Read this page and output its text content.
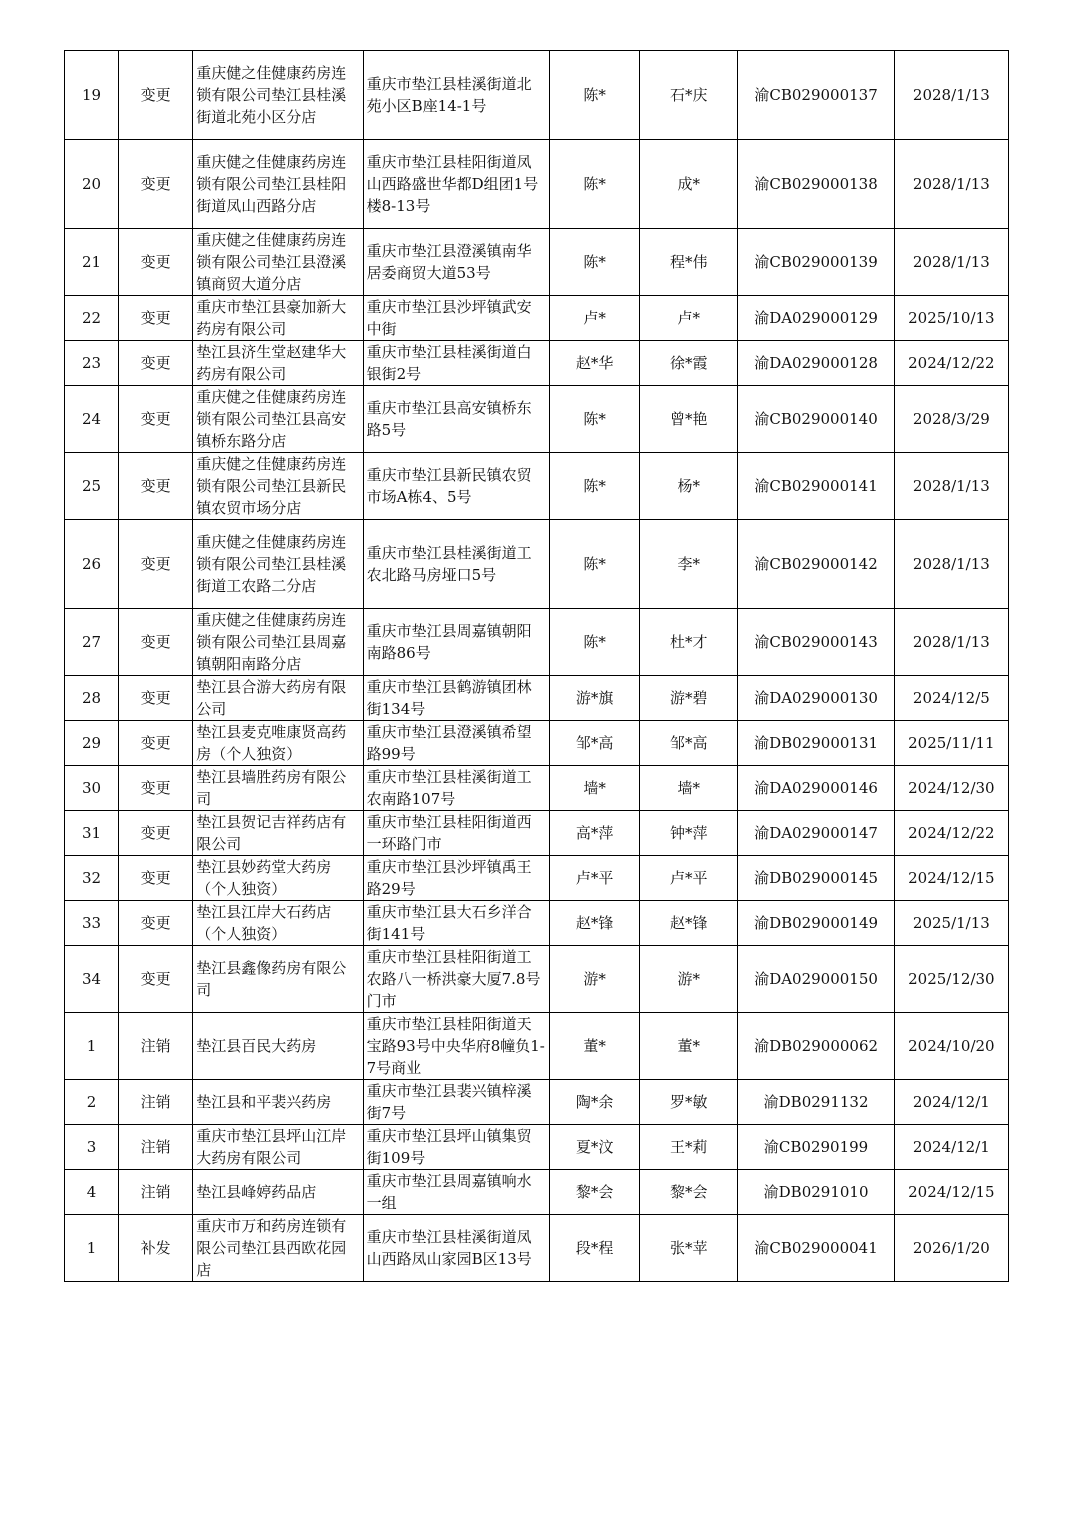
19	变更	重庆健之佳健康药房连锁有限公司垫江县桂溪街道北苑小区分店	重庆市垫江县桂溪街道北苑小区B座14-1号	陈*	石*庆	渝CB029000137	2028/1/13
20	变更	重庆健之佳健康药房连锁有限公司垫江县桂阳街道凤山西路分店	重庆市垫江县桂阳街道凤山西路盛世华都D组团1号楼8-13号	陈*	成*	渝CB029000138	2028/1/13
21	变更	重庆健之佳健康药房连锁有限公司垫江县澄溪镇商贸大道分店	重庆市垫江县澄溪镇南华居委商贸大道53号	陈*	程*伟	渝CB029000139	2028/1/13
22	变更	重庆市垫江县豪加新大药房有限公司	重庆市垫江县沙坪镇武安中街	卢*	卢*	渝DA029000129	2025/10/13
23	变更	垫江县济生堂赵建华大药房有限公司	重庆市垫江县桂溪街道白银街2号	赵*华	徐*霞	渝DA029000128	2024/12/22
24	变更	重庆健之佳健康药房连锁有限公司垫江县高安镇桥东路分店	重庆市垫江县高安镇桥东路5号	陈*	曾*艳	渝CB029000140	2028/3/29
25	变更	重庆健之佳健康药房连锁有限公司垫江县新民镇农贸市场分店	重庆市垫江县新民镇农贸市场A栋4、5号	陈*	杨*	渝CB029000141	2028/1/13
26	变更	重庆健之佳健康药房连锁有限公司垫江县桂溪街道工农路二分店	重庆市垫江县桂溪街道工农北路马房垭口5号	陈*	李*	渝CB029000142	2028/1/13
27	变更	重庆健之佳健康药房连锁有限公司垫江县周嘉镇朝阳南路分店	重庆市垫江县周嘉镇朝阳南路86号	陈*	杜*才	渝CB029000143	2028/1/13
28	变更	垫江县合游大药房有限公司	重庆市垫江县鹤游镇团林街134号	游*旗	游*碧	渝DA029000130	2024/12/5
29	变更	垫江县麦克唯康贤高药房（个人独资）	重庆市垫江县澄溪镇希望路99号	邹*高	邹*高	渝DB029000131	2025/11/11
30	变更	垫江县墙胜药房有限公司	重庆市垫江县桂溪街道工农南路107号	墙*	墙*	渝DA029000146	2024/12/30
31	变更	垫江县贺记吉祥药店有限公司	重庆市垫江县桂阳街道西一环路门市	高*萍	钟*萍	渝DA029000147	2024/12/22
32	变更	垫江县妙药堂大药房（个人独资）	重庆市垫江县沙坪镇禹王路29号	卢*平	卢*平	渝DB029000145	2024/12/15
33	变更	垫江县江岸大石药店（个人独资）	重庆市垫江县大石乡洋合街141号	赵*锋	赵*锋	渝DB029000149	2025/1/13
34	变更	垫江县鑫像药房有限公司	重庆市垫江县桂阳街道工农路八一桥洪豪大厦7.8号门市	游*	游*	渝DA029000150	2025/12/30
1	注销	垫江县百民大药房	重庆市垫江县桂阳街道天宝路93号中央华府8幢负1-7号商业	董*	董*	渝DB029000062	2024/10/20
2	注销	垫江县和平裴兴药房	重庆市垫江县裴兴镇梓溪街7号	陶*余	罗*敏	渝DB0291132	2024/12/1
3	注销	重庆市垫江县坪山江岸大药房有限公司	重庆市垫江县坪山镇集贸街109号	夏*汶	王*莉	渝CB0290199	2024/12/1
4	注销	垫江县峰婷药品店	重庆市垫江县周嘉镇响水一组	黎*会	黎*会	渝DB0291010	2024/12/15
1	补发	重庆市万和药房连锁有限公司垫江县西欧花园店	重庆市垫江县桂溪街道凤山西路凤山家园B区13号	段*程	张*苹	渝CB029000041	2026/1/20
